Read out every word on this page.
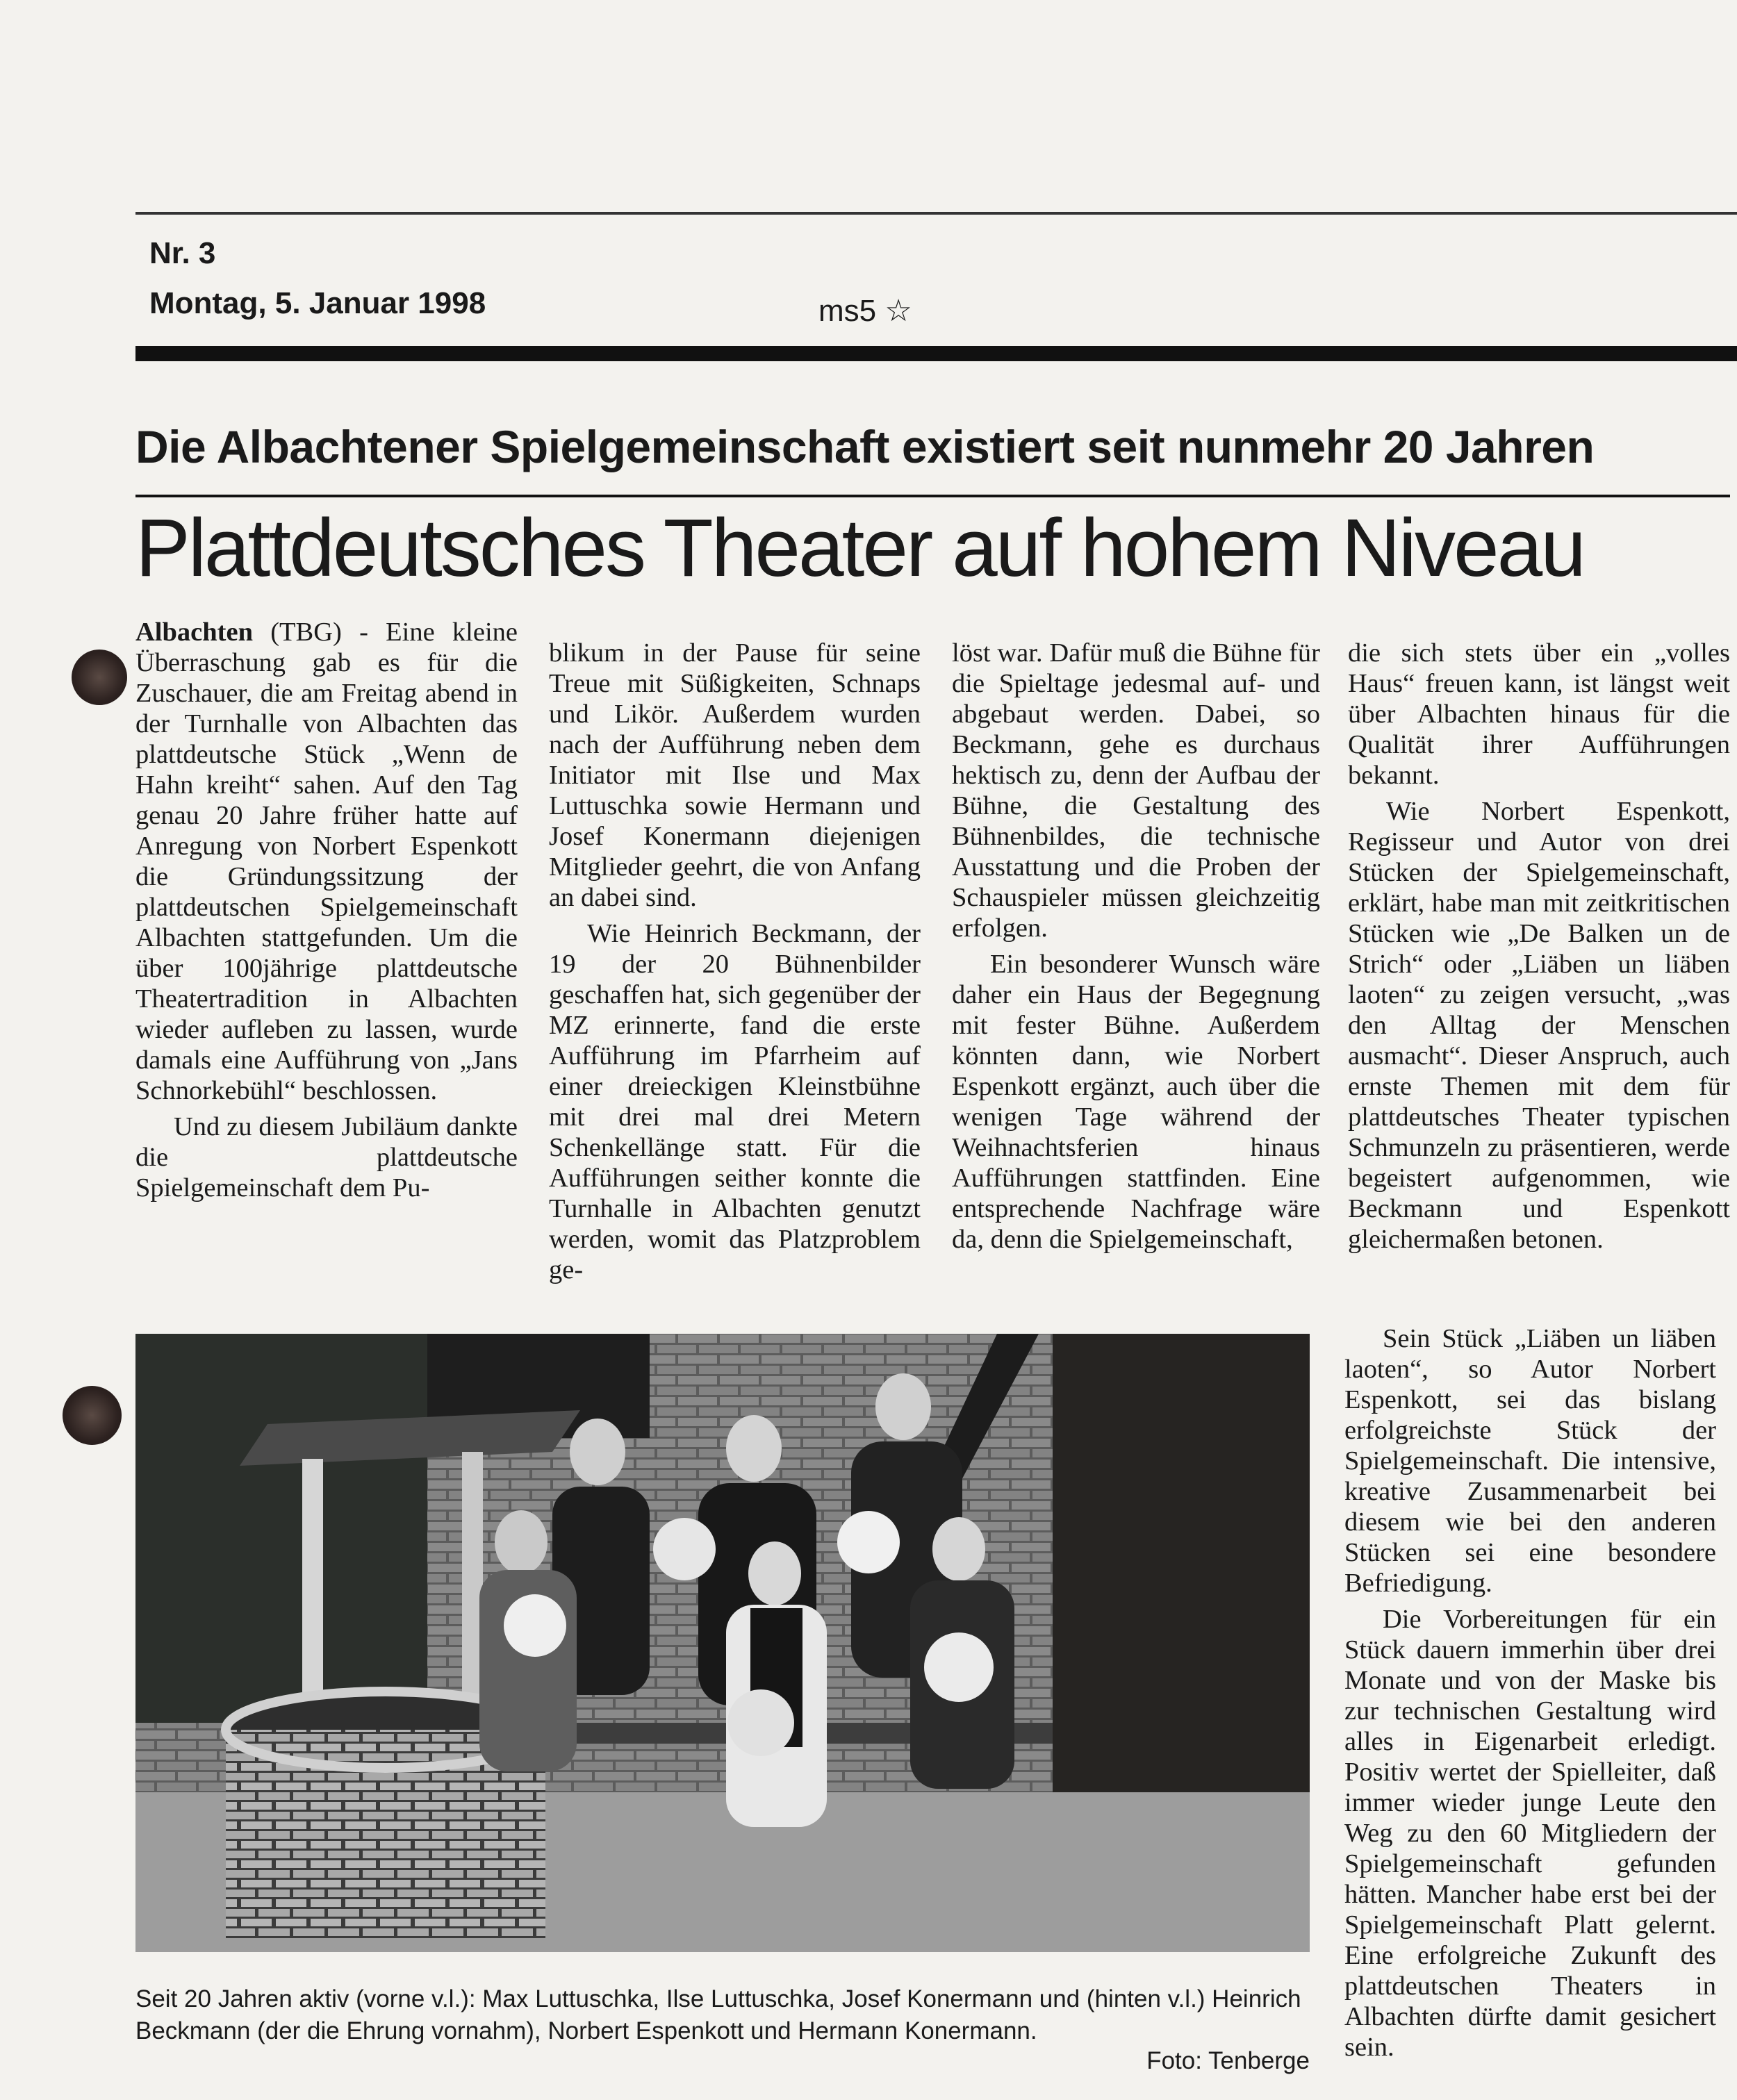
Nr. 3
Montag, 5. Januar 1998	ms5 ☆
Die Albachtener Spielgemeinschaft existiert seit nunmehr 20 Jahren
Plattdeutsches Theater auf hohem Niveau

Albachten (TBG) - Eine kleine Überraschung gab es für die Zuschauer, die am Freitag abend in der Turnhalle von Albachten das plattdeutsche Stück „Wenn de Hahn kreiht“ sahen. Auf den Tag genau 20 Jahre früher hatte auf Anregung von Norbert Espenkott die Gründungssitzung der plattdeutschen Spielgemeinschaft Albachten stattgefunden. Um die über 100jährige plattdeutsche Theatertradition in Albachten wieder aufleben zu lassen, wurde damals eine Aufführung von „Jans Schnorkebühl“ beschlossen.

Und zu diesem Jubiläum dankte die plattdeutsche Spielgemeinschaft dem Pu-

blikum in der Pause für seine Treue mit Süßigkeiten, Schnaps und Likör. Außerdem wurden nach der Aufführung neben dem Initiator mit Ilse und Max Luttuschka sowie Hermann und Josef Konermann diejenigen Mitglieder geehrt, die von Anfang an dabei sind.

Wie Heinrich Beckmann, der 19 der 20 Bühnenbilder geschaffen hat, sich gegenüber der MZ erinnerte, fand die erste Aufführung im Pfarrheim auf einer dreieckigen Kleinstbühne mit drei mal drei Metern Schenkellänge statt. Für die Aufführungen seither konnte die Turnhalle in Albachten genutzt werden, womit das Platzproblem ge-

löst war. Dafür muß die Bühne für die Spieltage jedesmal auf- und abgebaut werden. Dabei, so Beckmann, gehe es durchaus hektisch zu, denn der Aufbau der Bühne, die Gestaltung des Bühnenbildes, die technische Ausstattung und die Proben der Schauspieler müssen gleichzeitig erfolgen.

Ein besonderer Wunsch wäre daher ein Haus der Begegnung mit fester Bühne. Außerdem könnten dann, wie Norbert Espenkott ergänzt, auch über die wenigen Tage während der Weihnachtsferien hinaus Aufführungen stattfinden. Eine entsprechende Nachfrage wäre da, denn die Spielgemeinschaft,

die sich stets über ein „volles Haus“ freuen kann, ist längst weit über Albachten hinaus für die Qualität ihrer Aufführungen bekannt.

Wie Norbert Espenkott, Regisseur und Autor von drei Stücken der Spielgemeinschaft, erklärt, habe man mit zeitkritischen Stücken wie „De Balken un de Strich“ oder „Liäben un liäben laoten“ zu zeigen versucht, „was den Alltag der Menschen ausmacht“. Dieser Anspruch, auch ernste Themen mit dem für plattdeutsches Theater typischen Schmunzeln zu präsentieren, werde begeistert aufgenommen, wie Beckmann und Espenkott gleichermaßen betonen.

Sein Stück „Liäben un liäben laoten“, so Autor Norbert Espenkott, sei das bislang erfolgreichste Stück der Spielgemeinschaft. Die intensive, kreative Zusammenarbeit bei diesem wie bei den anderen Stücken sei eine besondere Befriedigung.

Die Vorbereitungen für ein Stück dauern immerhin über drei Monate und von der Maske bis zur technischen Gestaltung wird alles in Eigenarbeit erledigt. Positiv wertet der Spielleiter, daß immer wieder junge Leute den Weg zu den 60 Mitgliedern der Spielgemeinschaft gefunden hätten. Mancher habe erst bei der Spielgemeinschaft Platt gelernt. Eine erfolgreiche Zukunft des plattdeutschen Theaters in Albachten dürfte damit gesichert sein.

Seit 20 Jahren aktiv (vorne v.l.): Max Luttuschka, Ilse Luttuschka, Josef Konermann und (hinten v.l.) Heinrich Beckmann (der die Ehrung vornahm), Norbert Espenkott und Hermann Konermann.
Foto: Tenberge
